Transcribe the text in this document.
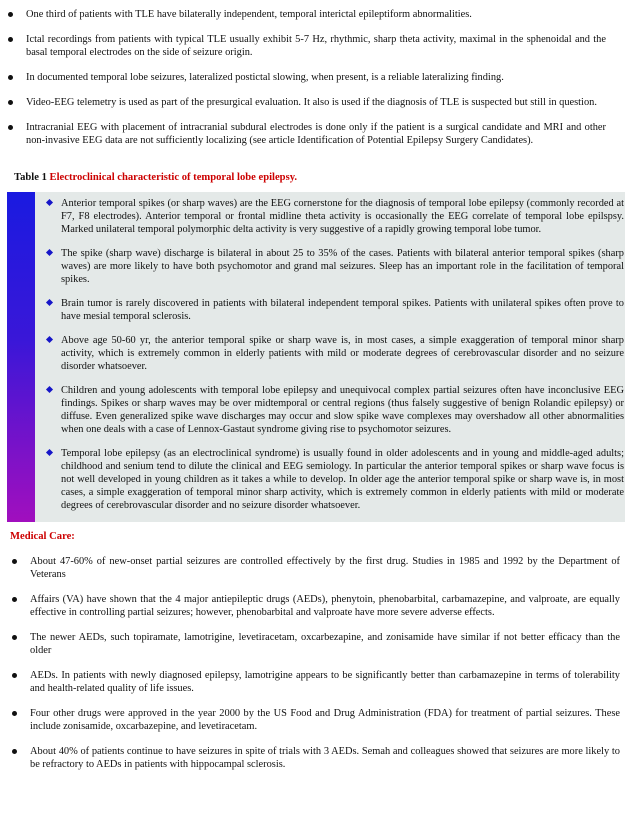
One third of patients with TLE have bilaterally independent, temporal interictal epileptiform abnormalities.
Ictal recordings from patients with typical TLE usually exhibit 5-7 Hz, rhythmic, sharp theta activity, maximal in the sphenoidal and the basal temporal electrodes on the side of seizure origin.
In documented temporal lobe seizures, lateralized postictal slowing, when present, is a reliable lateralizing finding.
Video-EEG telemetry is used as part of the presurgical evaluation. It also is used if the diagnosis of TLE is suspected but still in question.
Intracranial EEG with placement of intracranial subdural electrodes is done only if the patient is a surgical candidate and MRI and other non-invasive EEG data are not sufficiently localizing (see article Identification of Potential Epilepsy Surgery Candidates).
Table 1 Electroclinical characteristic of temporal lobe epilepsy.
Anterior temporal spikes (or sharp waves) are the EEG cornerstone for the diagnosis of temporal lobe epilepsy (commonly recorded at F7, F8 electrodes). Anterior temporal or frontal midline theta activity is occasionally the EEG correlate of temporal lobe epilspsy. Marked unilateral temporal polymorphic delta activity is very suggestive of a rapidly growing temporal lobe tumor.
The spike (sharp wave) discharge is bilateral in about 25 to 35% of the cases. Patients with bilateral anterior temporal spikes (sharp waves) are more likely to have both psychomotor and grand mal seizures. Sleep has an important role in the facilitation of temporal spikes.
Brain tumor is rarely discovered in patients with bilateral independent temporal spikes. Patients with unilateral spikes often prove to have mesial temporal sclerosis.
Above age 50-60 yr, the anterior temporal spike or sharp wave is, in most cases, a simple exaggeration of temporal minor sharp activity, which is extremely common in elderly patients with mild or moderate degrees of cerebrovascular disorder and no seizure disorder whatsoever.
Children and young adolescents with temporal lobe epilepsy and unequivocal complex partial seizures often have inconclusive EEG findings. Spikes or sharp waves may be over midtemporal or central regions (thus falsely suggestive of benign Rolandic epilepsy) or diffuse. Even generalized spike wave discharges may occur and slow spike wave complexes may overshadow all other abnormalities when one deals with a case of Lennox-Gastaut syndrome giving rise to psychomotor seizures.
Temporal lobe epilepsy (as an electroclinical syndrome) is usually found in older adolescents and in young and middle-aged adults; childhood and senium tend to dilute the clinical and EEG semiology. In particular the anterior temporal spikes or sharp wave focus is not well developed in young children as it takes a while to develop. In older age the anterior temporal spike or sharp wave is, in most cases, a simple exaggeration of temporal minor sharp activity, which is extremely common in elderly patients with mild or moderate degrees of cerebrovascular disorder and no seizure disorder whatsoever.
Medical Care:
About 47-60% of new-onset partial seizures are controlled effectively by the first drug. Studies in 1985 and 1992 by the Department of Veterans
Affairs (VA) have shown that the 4 major antiepileptic drugs (AEDs), phenytoin, phenobarbital, carbamazepine, and valproate, are equally effective in controlling partial seizures; however, phenobarbital and valproate have more severe adverse effects.
The newer AEDs, such topiramate, lamotrigine, levetiracetam, oxcarbezapine, and zonisamide have similar if not better efficacy than the older
AEDs. In patients with newly diagnosed epilepsy, lamotrigine appears to be significantly better than carbamazepine in terms of tolerability and health-related quality of life issues.
Four other drugs were approved in the year 2000 by the US Food and Drug Administration (FDA) for treatment of partial seizures. These include zonisamide, oxcarbazepine, and levetiracetam.
About 40% of patients continue to have seizures in spite of trials with 3 AEDs. Semah and colleagues showed that seizures are more likely to be refractory to AEDs in patients with hippocampal sclerosis.
